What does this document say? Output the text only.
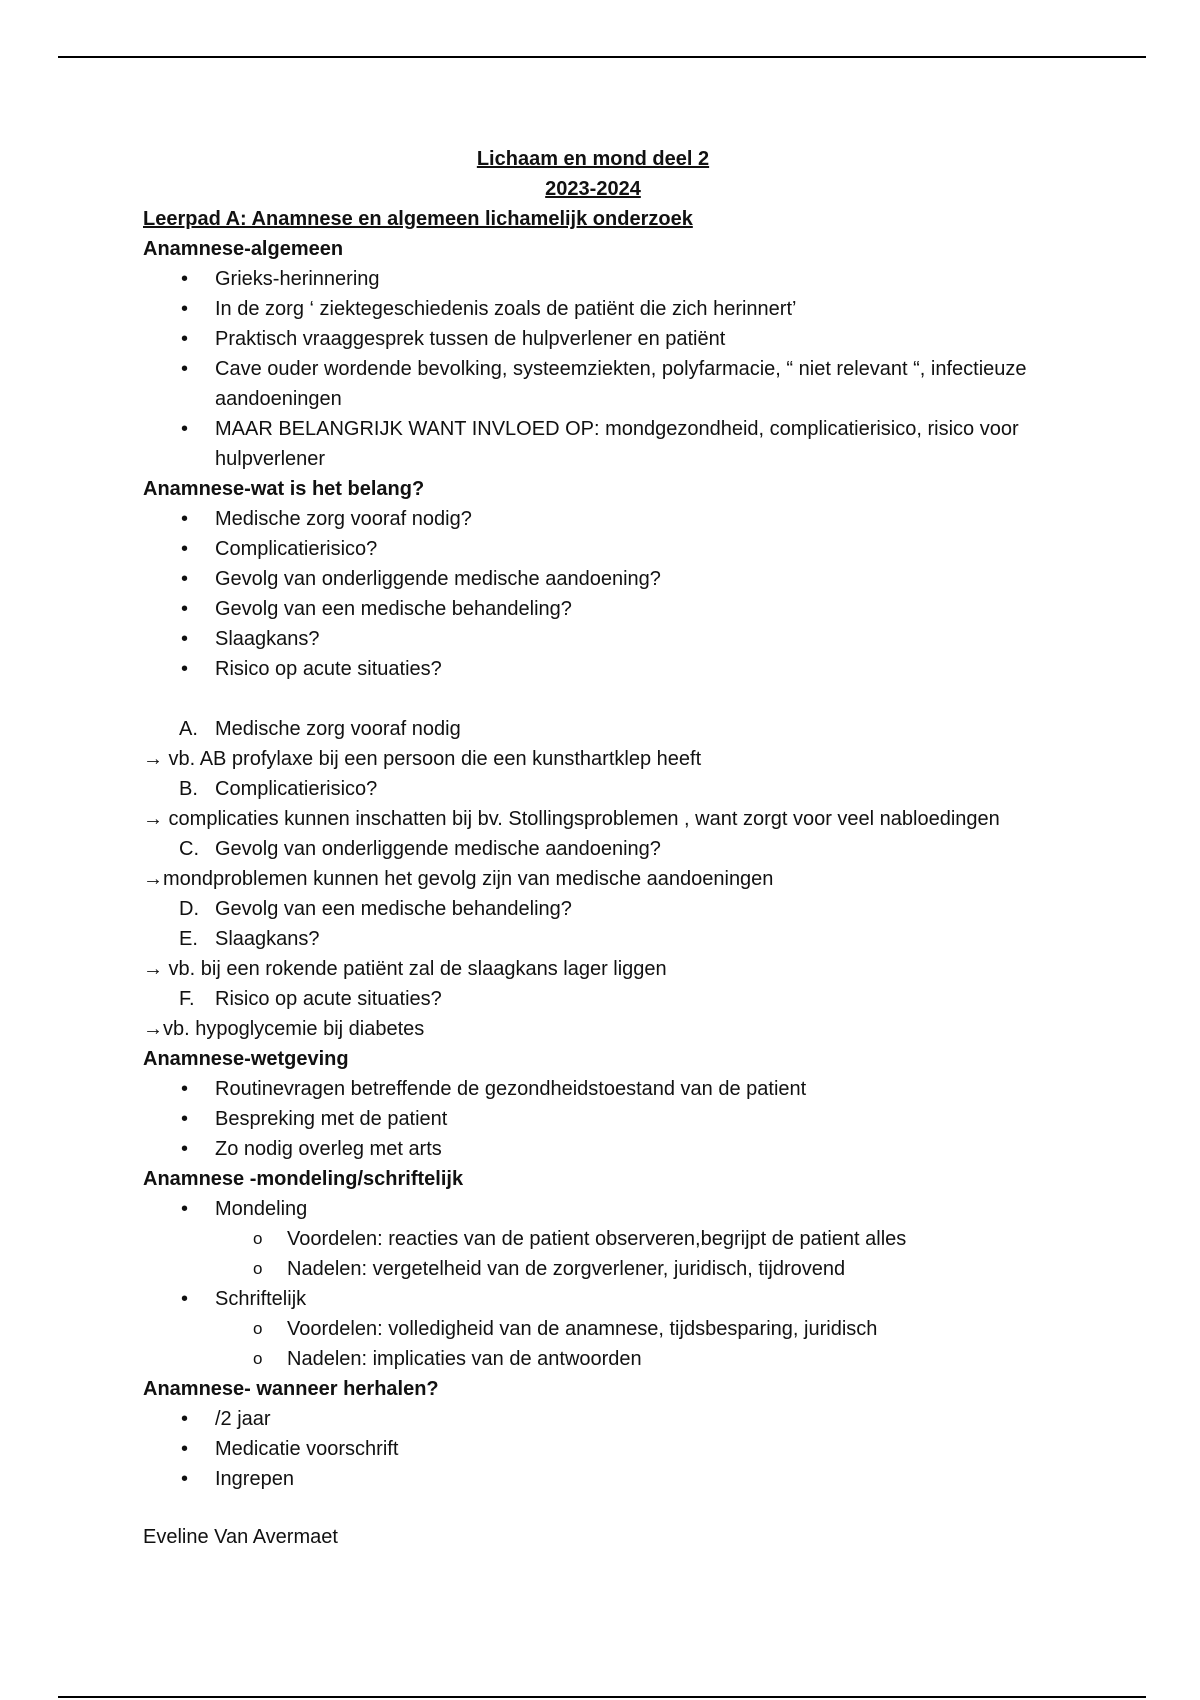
Lichaam en mond deel 2
2023-2024
Leerpad A: Anamnese en algemeen lichamelijk onderzoek
Anamnese-algemeen
• Grieks-herinnering
• In de zorg ‘ ziektegeschiedenis zoals de patiënt die zich herinnert’
• Praktisch vraaggesprek tussen de hulpverlener en patiënt
• Cave ouder wordende bevolking, systeemziekten, polyfarmacie, “ niet relevant “, infectieuze aandoeningen
• MAAR BELANGRIJK WANT INVLOED OP: mondgezondheid, complicatierisico, risico voor hulpverlener
Anamnese-wat is het belang?
• Medische zorg vooraf nodig?
• Complicatierisico?
• Gevolg van onderliggende medische aandoening?
• Gevolg van een medische behandeling?
• Slaagkans?
• Risico op acute situaties?
A. Medische zorg vooraf nodig
→ vb. AB profylaxe bij een persoon die een kunsthartklep heeft
B. Complicatierisico?
→ complicaties kunnen inschatten bij bv. Stollingsproblemen , want zorgt voor veel nabloedingen
C. Gevolg van onderliggende medische aandoening?
→mondproblemen kunnen het gevolg zijn van medische aandoeningen
D. Gevolg van een medische behandeling?
E. Slaagkans?
→ vb. bij een rokende patiënt zal de slaagkans lager liggen
F. Risico op acute situaties?
→vb. hypoglycemie bij diabetes
Anamnese-wetgeving
• Routinevragen betreffende de gezondheidstoestand van de patient
• Bespreking met de patient
• Zo nodig overleg met arts
Anamnese -mondeling/schriftelijk
• Mondeling
o Voordelen: reacties van de patient observeren,begrijpt de patient alles
o Nadelen: vergetelheid van de zorgverlener, juridisch, tijdrovend
• Schriftelijk
o Voordelen: volledigheid van de anamnese, tijdsbesparing, juridisch
o Nadelen: implicaties van de antwoorden
Anamnese- wanneer herhalen?
• /2 jaar
• Medicatie voorschrift
• Ingrepen
Eveline Van Avermaet
